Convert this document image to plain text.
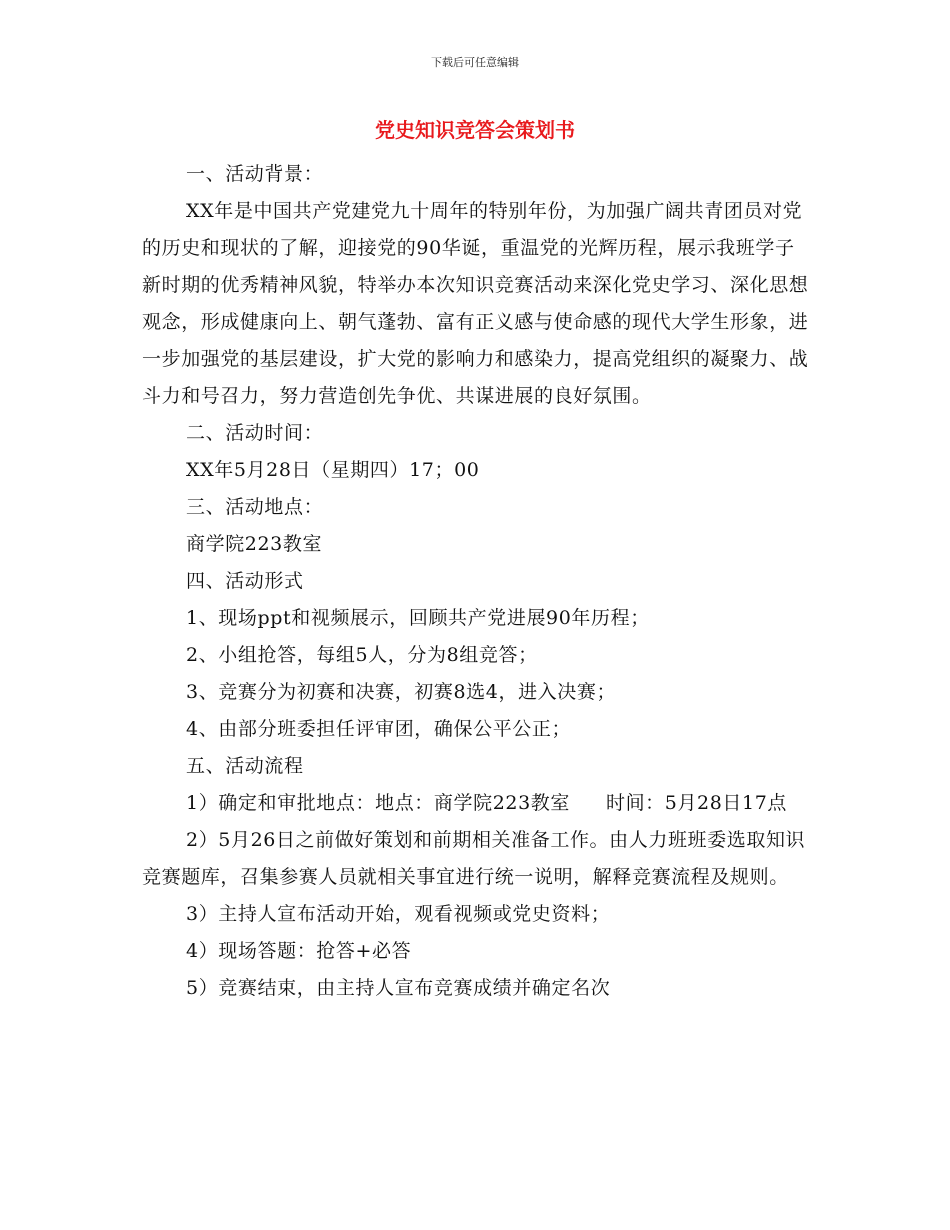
下载后可任意编辑
党史知识竞答会策划书

一、活动背景：

XX年是中国共产党建党九十周年的特别年份，为加强广阔共青团员对党的历史和现状的了解，迎接党的90华诞，重温党的光辉历程，展示我班学子新时期的优秀精神风貌，特举办本次知识竞赛活动来深化党史学习、深化思想观念，形成健康向上、朝气蓬勃、富有正义感与使命感的现代大学生形象，进一步加强党的基层建设，扩大党的影响力和感染力，提高党组织的凝聚力、战斗力和号召力，努力营造创先争优、共谋进展的良好氛围。

二、活动时间：

XX年5月28日（星期四）17；00

三、活动地点：

商学院223教室

四、活动形式

1、现场ppt和视频展示，回顾共产党进展90年历程；

2、小组抢答，每组5人，分为8组竞答；

3、竞赛分为初赛和决赛，初赛8选4，进入决赛；

4、由部分班委担任评审团，确保公平公正；

五、活动流程

1）确定和审批地点：地点：商学院223教室 时间：5月28日17点

2）5月26日之前做好策划和前期相关准备工作。由人力班班委选取知识竞赛题库，召集参赛人员就相关事宜进行统一说明，解释竞赛流程及规则。

3）主持人宣布活动开始，观看视频或党史资料；

4）现场答题：抢答+必答

5）竞赛结束，由主持人宣布竞赛成绩并确定名次
